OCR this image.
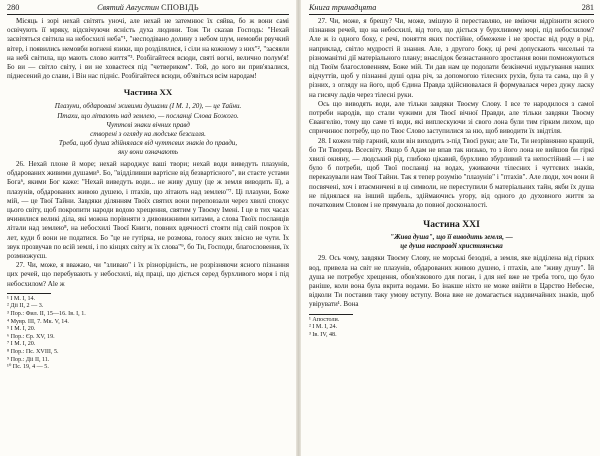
280	Святий Августин СПОВІДЬ

Місяць і зорі нехай світять уночі, але нехай не затемнює їх сяйва, бо ж вони самі освічують її мряку, відсвічуючи ясність духа людини. Тож Ти сказав Господь: "Нехай засвітяться світила на небосхилі неба"¹, "несподівано долину з небом шум, немовби рвучкий вітер, і появились немовби вогнені язики, що розділялися, і сіли на кожному з них"², "засяяли на небі світила, що мають слово життя"³. Розбігайтеся всюди, святі вогні, велично полум'я! Бо ви — світло світу, і ви не ховаєтеся під "четвериком". Той, до кого ви прив'язалися, піднесений до слави, і Він нас підніс. Розбігайтеся всюди, об'явіться всім народам!

Частина XX

Плазуни, обдаровані живими душами (І М. 1, 20), — це Тайни.

Птахи, що літають над землею, — посланці Слова Божого.

Чуттєві знаки вічних правд

створені з огляду на людське безсилля.

Треба, щоб душа здійнялася від чуттєвих знаків до правди,

яку вони означають

26. Нехай плоне й море; нехай народжує ваші твори; нехай води виведуть плазунів, обдарованих живими душами⁵. Бо, "відділивши вартісне від безвартісного", ви стаєте устами Бога⁶, якими Бог каже: "Нехай виведуть води... не живу душу (це ж земля виводить її), а плазунів, обдарованих живою душею, і птахів, що літають над землею"⁷. Ці плазуни, Боже мій, — це Твої Тайни. Завдяки ділянням Твоїх святих вони переповзали через хвилі спокус цього світу, щоб покропити народи водою хрещення, святим у Твоєму Імені. І це в тих часах вчинилися великі діла, які можна порівняти з дивовижними китами, а слова Твоїх посланців літали над землею⁸, на небосхилі Твоєї Книги, повних вдячності стояти під свій покров їх лет, куди б вони не податися. Бо "це не гутірка, не розмова, голосу яких звісно не чути. Їх звук прозвучав по всій землі, і по кінцях світу ж їх слова"⁹, бо Ти, Господи, благословення, їх розмножуєш.

27. Чи, може, я вважаю, чи "зливаю" і їх різнорідність, не розрізняючи ясного пізнання цих речей, що перебувають у небосхилі, від праці, що діється серед бурхливого моря і під небосхилом? Ale ж

¹ І М. І, 14.
² Діі II, 2 — 3.
³ Пор.: Фил. II, 15—16. Ів. І, 1.
⁴ Мувр. III, 7. Мк. V, 14.
⁵ І М. І, 20.
⁶ Пор.: Єр. XV, 19.
⁷ І М. І, 20.
⁸ Пор.: Пс. XVIII, 5.
⁹ Пор.: Діі II, 11.
¹⁰ Пс. 19, 4 — 5.
Книга тринадцята	281

27. Чи, може, я брешу? Чи, може, змішую й переставляю, не вміючи відрізнити ясного пізнання речей, що на небосхилі, від того, що діється у бурхливому морі, під небосхилом? Але ж із одного боку, є речі, поняття яких постійне, обмежене і не зростає від роду в рід, наприклад, світло мудрості й знання. Але, з другого боку, ці речі допускають чисельні та різноманітні дії матеріального плану; внаслідок безнастанного зростання вони помножуються під Твоїм благословенням, Боже мій. Ти дав нам це подолати безкінечні нудьгування наших відчуттів, щоб у пізнанні душі одна річ, за допомогою тілесних рухів, була та сама, що й у різних, з огляду на його, щоб Єдина Правда здійснювалася й формувалася через дужу ласку на гисячу ладів через тілесні руки.

Ось що виводять води, але тільки завдяки Твоєму Слову. І все те народилося з самої потреби народів, що стали чужими для Твоєї вічної Правди, але тільки завдяки Твоєму Євангелію, тому що саме ті води, які виплескуючи зі свого лона були тим гірким лихом, що спричинює потребу, що по Твоє Слово заступилися за ню, щоб виводити їх звідтіля.

28. І кожен твір гарний, коли він виходить з-під Твоєї руки; але Ти, Ти незрівнянно кращий, бо Ти Творець Всесвіту. Якщо б Адам не впав так низько, то з його лона не вийшов би гіркі хвилі окияну, — людський рід, глибоко цікавий, бурхливо збурливий та непостійний — і не було б потреби, щоб Твої посланці на водах, уживаючи тілесних і чуттєвих знаків, переказували нам Твої Тайни. Так я тепер розумію "плазунів" і "птахів". Але люди, хоч вони й посвячені, хоч і втаємничені в ці символи, не переступили б матеріальних тайн, якби їх душа не піднялася на інший щабель, здіймаючись угору, від одного до духовного життя за початковим Словом і не прямувала до повної досконалості.

Частина XXI

"Жива душа", що її виводить земля, —

це душа насправді християнська

29. Ось чому, завдяки Твоєму Слову, не морські безодні, а земля, яке відділена від гірких вод, привела на світ не плазунів, обдарованих живою душею, і птахів, але "живу душу". Їй душа не потребує хрещення, обов'язкового для поган, і для неї вже не треба того, що було раніше, коли вона була вкрита водами. Бо інакше ніхто не може ввійти в Царство Небесне, відколи Ти поставив таку умову вступу. Вона вже не домагається надзвичайних знаків, щоб увірувати¹. Вона

¹ Апостоли.
² І М. І, 24.
³ Ів. IV, 48.
